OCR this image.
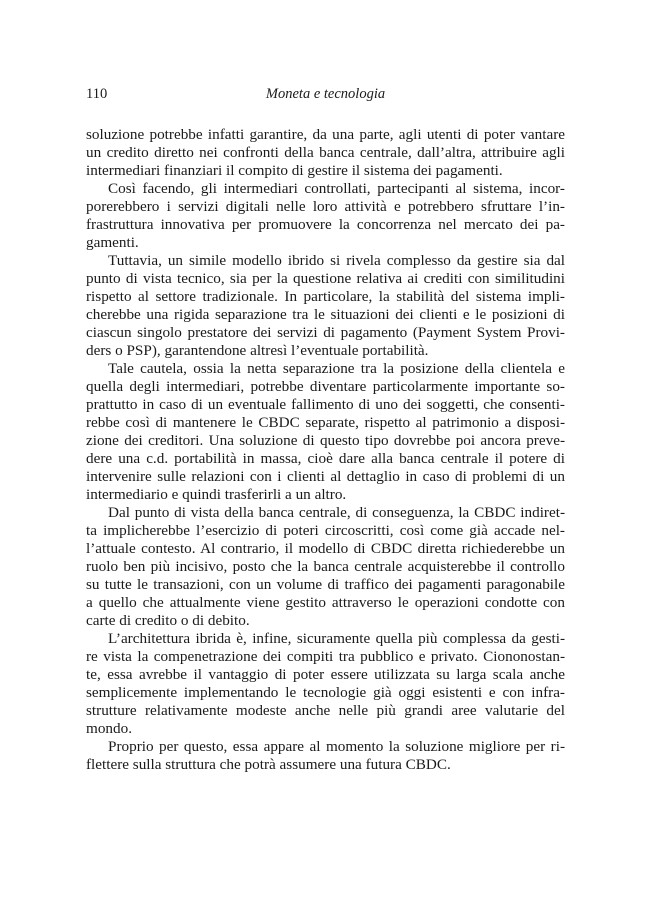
110	Moneta e tecnologia
soluzione potrebbe infatti garantire, da una parte, agli utenti di poter vantare
un credito diretto nei confronti della banca centrale, dall’altra, attribuire agli
intermediari finanziari il compito di gestire il sistema dei pagamenti.
Così facendo, gli intermediari controllati, partecipanti al sistema, incor-
porerebbero i servizi digitali nelle loro attività e potrebbero sfruttare l’in-
frastruttura innovativa per promuovere la concorrenza nel mercato dei pa-
gamenti.
Tuttavia, un simile modello ibrido si rivela complesso da gestire sia dal
punto di vista tecnico, sia per la questione relativa ai crediti con similitudini
rispetto al settore tradizionale. In particolare, la stabilità del sistema impli-
cherebbe una rigida separazione tra le situazioni dei clienti e le posizioni di
ciascun singolo prestatore dei servizi di pagamento (Payment System Provi-
ders o PSP), garantendone altresì l’eventuale portabilità.
Tale cautela, ossia la netta separazione tra la posizione della clientela e
quella degli intermediari, potrebbe diventare particolarmente importante so-
prattutto in caso di un eventuale fallimento di uno dei soggetti, che consenti-
rebbe così di mantenere le CBDC separate, rispetto al patrimonio a disposi-
zione dei creditori. Una soluzione di questo tipo dovrebbe poi ancora preve-
dere una c.d. portabilità in massa, cioè dare alla banca centrale il potere di
intervenire sulle relazioni con i clienti al dettaglio in caso di problemi di un
intermediario e quindi trasferirli a un altro.
Dal punto di vista della banca centrale, di conseguenza, la CBDC indiret-
ta implicherebbe l’esercizio di poteri circoscritti, così come già accade nel-
l’attuale contesto. Al contrario, il modello di CBDC diretta richiederebbe un
ruolo ben più incisivo, posto che la banca centrale acquisterebbe il controllo
su tutte le transazioni, con un volume di traffico dei pagamenti paragonabile
a quello che attualmente viene gestito attraverso le operazioni condotte con
carte di credito o di debito.
L’architettura ibrida è, infine, sicuramente quella più complessa da gesti-
re vista la compenetrazione dei compiti tra pubblico e privato. Ciononostan-
te, essa avrebbe il vantaggio di poter essere utilizzata su larga scala anche
semplicemente implementando le tecnologie già oggi esistenti e con infra-
strutture relativamente modeste anche nelle più grandi aree valutarie del
mondo.
Proprio per questo, essa appare al momento la soluzione migliore per ri-
flettere sulla struttura che potrà assumere una futura CBDC.
